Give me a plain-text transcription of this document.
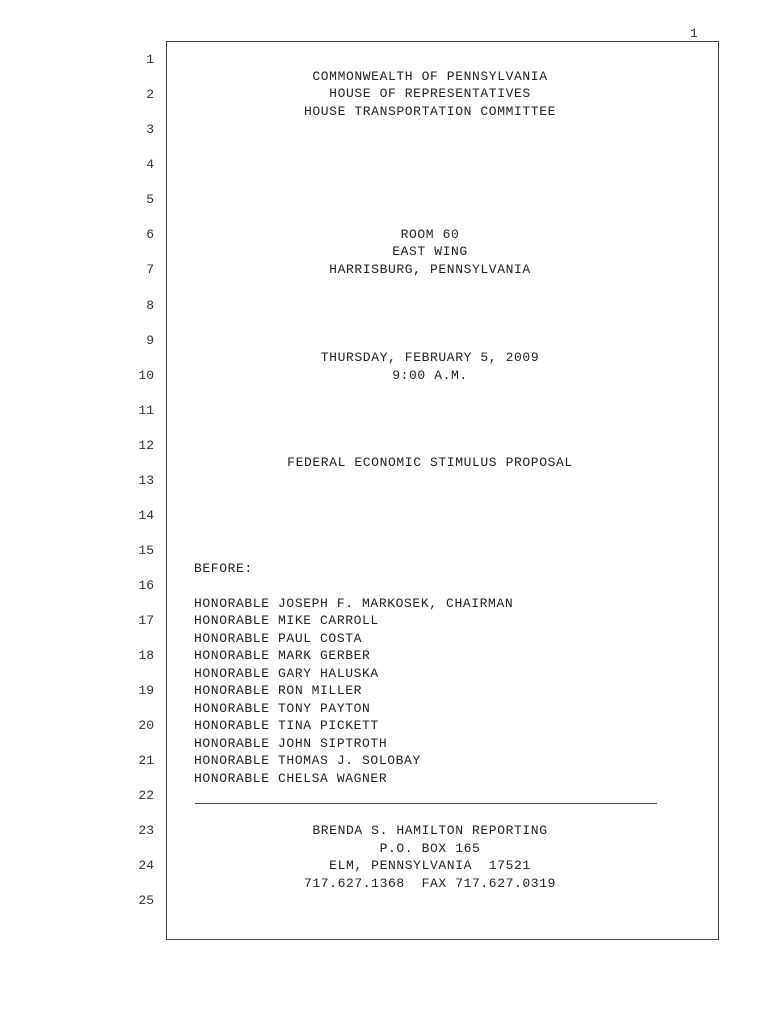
1
1
2
3
4
5
6
7
8
9
10
11
12
13
14
15
16
17
18
19
20
21
22
23
24
25
COMMONWEALTH OF PENNSYLVANIA
HOUSE OF REPRESENTATIVES
HOUSE TRANSPORTATION COMMITTEE
ROOM 60
EAST WING
HARRISBURG, PENNSYLVANIA
THURSDAY, FEBRUARY 5, 2009
9:00 A.M.
FEDERAL ECONOMIC STIMULUS PROPOSAL
BEFORE:
HONORABLE JOSEPH F. MARKOSEK, CHAIRMAN
HONORABLE MIKE CARROLL
HONORABLE PAUL COSTA
HONORABLE MARK GERBER
HONORABLE GARY HALUSKA
HONORABLE RON MILLER
HONORABLE TONY PAYTON
HONORABLE TINA PICKETT
HONORABLE JOHN SIPTROTH
HONORABLE THOMAS J. SOLOBAY
HONORABLE CHELSA WAGNER
BRENDA S. HAMILTON REPORTING
P.O. BOX 165
ELM, PENNSYLVANIA  17521
717.627.1368  FAX 717.627.0319
